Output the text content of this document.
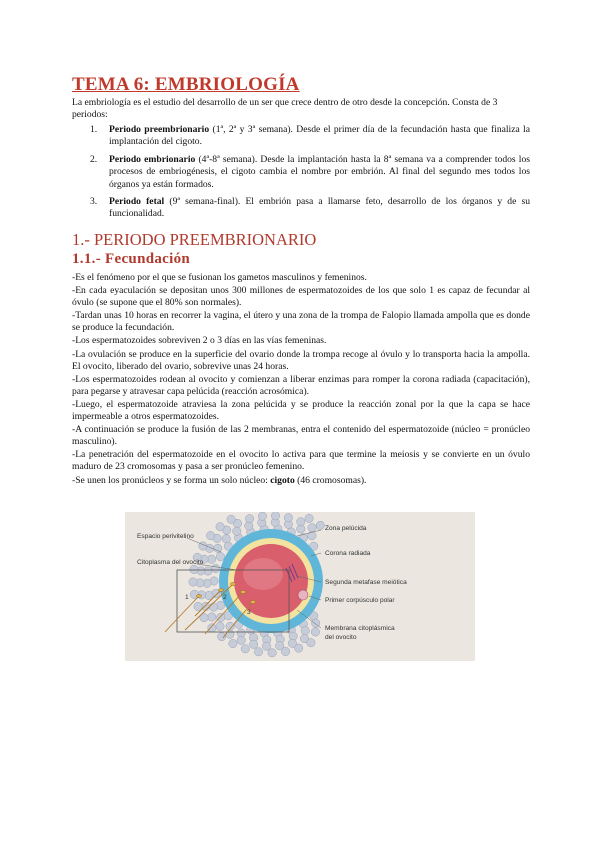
TEMA 6: EMBRIOLOGÍA
La embriología es el estudio del desarrollo de un ser que crece dentro de otro desde la concepción. Consta de 3 periodos:
1. Periodo preembrionario (1ª, 2ª y 3ª semana). Desde el primer día de la fecundación hasta que finaliza la implantación del cigoto.
2. Periodo embrionario (4ª-8ª semana). Desde la implantación hasta la 8ª semana va a comprender todos los procesos de embriogénesis, el cigoto cambia el nombre por embrión. Al final del segundo mes todos los órganos ya están formados.
3. Periodo fetal (9ª semana-final). El embrión pasa a llamarse feto, desarrollo de los órganos y de su funcionalidad.
1.- PERIODO PREEMBRIONARIO
1.1.- Fecundación

-Es el fenómeno por el que se fusionan los gametos masculinos y femeninos.

-En cada eyaculación se depositan unos 300 millones de espermatozoides de los que solo 1 es capaz de fecundar al óvulo (se supone que el 80% son normales).

-Tardan unas 10 horas en recorrer la vagina, el útero y una zona de la trompa de Falopio llamada ampolla que es donde se produce la fecundación.

-Los espermatozoides sobreviven 2 o 3 días en las vías femeninas.

-La ovulación se produce en la superficie del ovario donde la trompa recoge al óvulo y lo transporta hacia la ampolla. El ovocito, liberado del ovario, sobrevive unas 24 horas.

-Los espermatozoides rodean al ovocito y comienzan a liberar enzimas para romper la corona radiada (capacitación), para pegarse y atravesar capa pelúcida (reacción acrosómica).

-Luego, el espermatozoide atraviesa la zona pelúcida y se produce la reacción zonal por la que la capa se hace impermeable a otros espermatozoides.

-A continuación se produce la fusión de las 2 membranas, entra el contenido del espermatozoide (núcleo = pronúcleo masculino).

-La penetración del espermatozoide en el ovocito lo activa para que termine la meiosis y se convierte en un óvulo maduro de 23 cromosomas y pasa a ser pronúcleo femenino.

-Se unen los pronúcleos y se forma un solo núcleo: cigoto (46 cromosomas).

Espacio perivitelino
Citoplasma del ovocito
Zona pelúcida
Corona radiada
Segunda metafase meiótica
Primer corpúsculo polar
Membrana citoplásmica
del ovocito
1	2
3
